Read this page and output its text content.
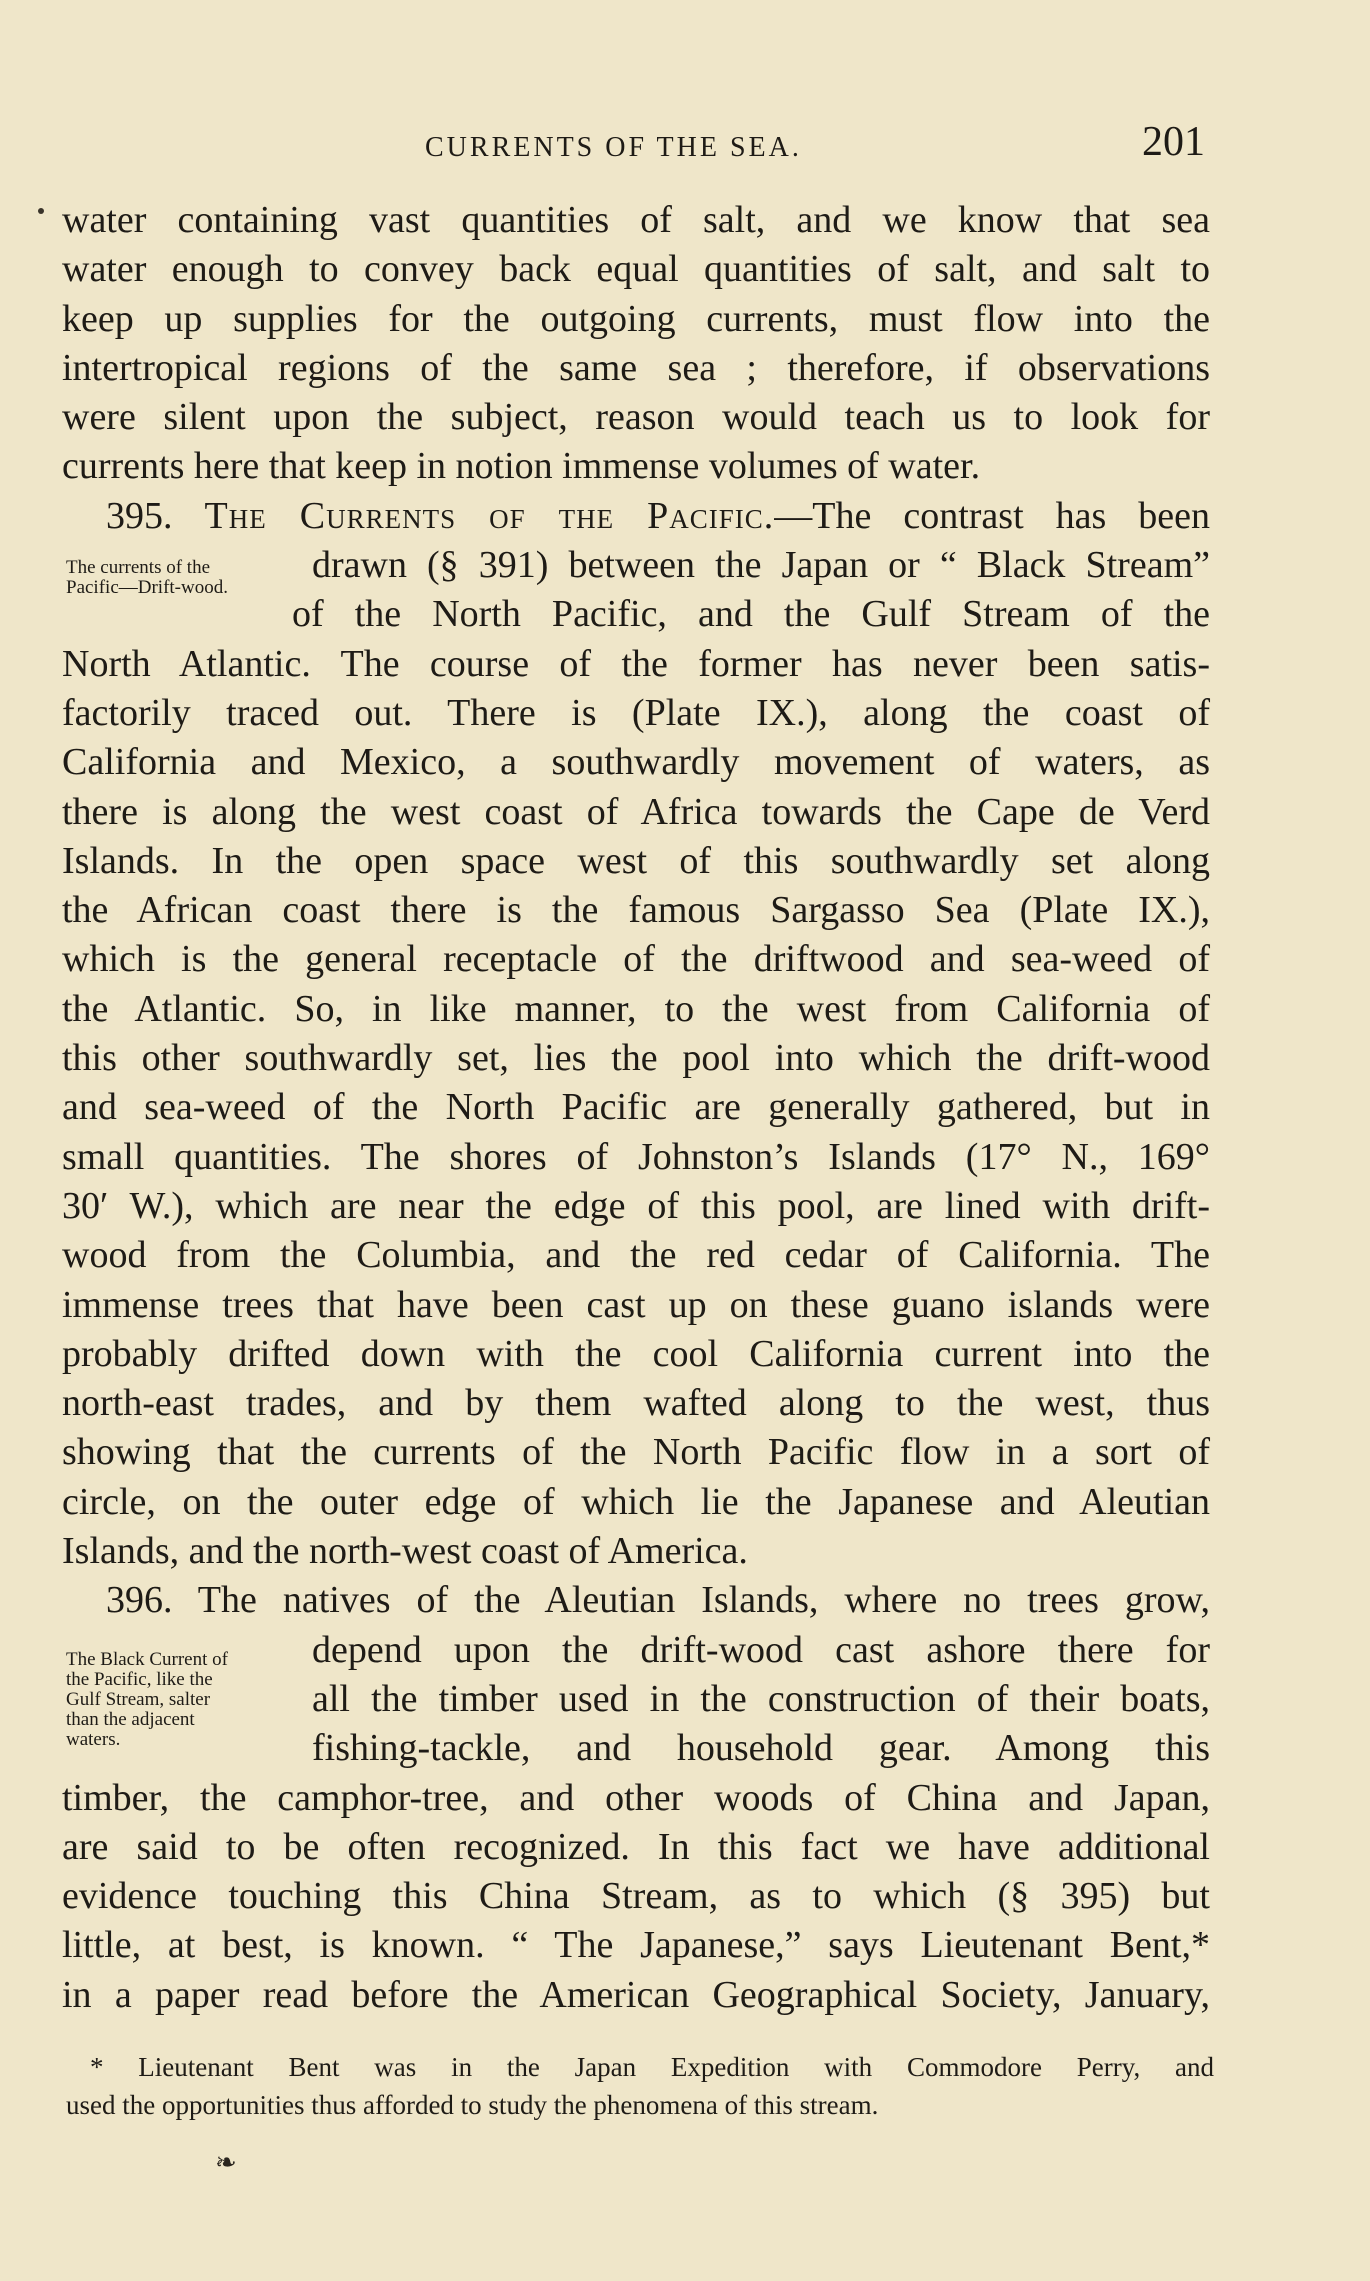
CURRENTS OF THE SEA.	201
water containing vast quantities of salt, and we know that sea
water enough to convey back equal quantities of salt, and salt to
keep up supplies for the outgoing currents, must flow into the
intertropical regions of the same sea ; therefore, if observations
were silent upon the subject, reason would teach us to look for
currents here that keep in notion immense volumes of water.
395. The Currents of the Pacific.—The contrast has been
drawn (§ 391) between the Japan or “ Black Stream”
of the North Pacific, and the Gulf Stream of the
North Atlantic. The course of the former has never been satis-
factorily traced out. There is (Plate IX.), along the coast of
California and Mexico, a southwardly movement of waters, as
there is along the west coast of Africa towards the Cape de Verd
Islands. In the open space west of this southwardly set along
the African coast there is the famous Sargasso Sea (Plate IX.),
which is the general receptacle of the driftwood and sea-weed of
the Atlantic. So, in like manner, to the west from California of
this other southwardly set, lies the pool into which the drift-wood
and sea-weed of the North Pacific are generally gathered, but in
small quantities. The shores of Johnston’s Islands (17° N., 169°
30′ W.), which are near the edge of this pool, are lined with drift-
wood from the Columbia, and the red cedar of California. The
immense trees that have been cast up on these guano islands were
probably drifted down with the cool California current into the
north-east trades, and by them wafted along to the west, thus
showing that the currents of the North Pacific flow in a sort of
circle, on the outer edge of which lie the Japanese and Aleutian
Islands, and the north-west coast of America.
396. The natives of the Aleutian Islands, where no trees grow,
depend upon the drift-wood cast ashore there for
all the timber used in the construction of their boats,
fishing-tackle, and household gear. Among this
timber, the camphor-tree, and other woods of China and Japan,
are said to be often recognized. In this fact we have additional
evidence touching this China Stream, as to which (§ 395) but
little, at best, is known. “ The Japanese,” says Lieutenant Bent,*
in a paper read before the American Geographical Society, January,
The currents of the
Pacific—Drift-wood.
The Black Current of
the Pacific, like the
Gulf Stream, salter
than the adjacent
waters.
* Lieutenant Bent was in the Japan Expedition with Commodore Perry, and
used the opportunities thus afforded to study the phenomena of this stream.
❧
